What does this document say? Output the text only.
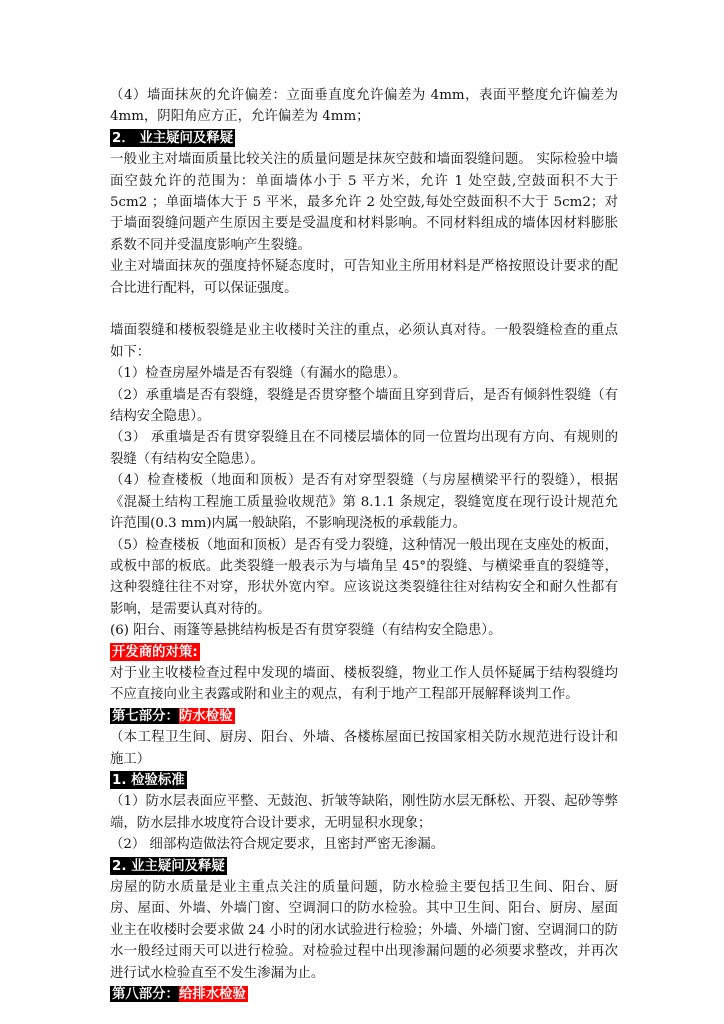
（4）墙面抹灰的允许偏差：立面垂直度允许偏差为 4mm，表面平整度允许偏差为 4mm，阴阳角应方正，允许偏差为 4mm；

2． 业主疑问及释疑

一般业主对墙面质量比较关注的质量问题是抹灰空鼓和墙面裂缝问题。 实际检验中墙面空鼓允许的范围为：单面墙体小于 5 平方米，允许 1 处空鼓,空鼓面积不大于 5cm2 ；单面墙体大于 5 平米，最多允许 2 处空鼓,每处空鼓面积不大于 5cm2；对于墙面裂缝问题产生原因主要是受温度和材料影响。不同材料组成的墙体因材料膨胀系数不同并受温度影响产生裂缝。

业主对墙面抹灰的强度持怀疑态度时，可告知业主所用材料是严格按照设计要求的配合比进行配料，可以保证强度。

墙面裂缝和楼板裂缝是业主收楼时关注的重点，必须认真对待。一般裂缝检查的重点如下：

（1）检查房屋外墙是否有裂缝（有漏水的隐患）。

（2）承重墙是否有裂缝，裂缝是否贯穿整个墙面且穿到背后，是否有倾斜性裂缝（有结构安全隐患）。

（3） 承重墙是否有贯穿裂缝且在不同楼层墙体的同一位置均出现有方向、有规则的裂缝（有结构安全隐患）。

（4）检查楼板（地面和顶板）是否有对穿型裂缝（与房屋横梁平行的裂缝），根据《混凝土结构工程施工质量验收规范》第 8.1.1 条规定，裂缝宽度在现行设计规范允许范围(0.3 mm)内属一般缺陷，不影响现浇板的承载能力。

（5）检查楼板（地面和顶板）是否有受力裂缝，这种情况一般出现在支座处的板面，或板中部的板底。此类裂缝一般表示为与墙角呈 45°的裂缝、与横梁垂直的裂缝等，这种裂缝往往不对穿，形状外宽内窄。应该说这类裂缝往往对结构安全和耐久性都有影响，是需要认真对待的。

(6) 阳台、雨篷等悬挑结构板是否有贯穿裂缝（有结构安全隐患）。

开发商的对策:

对于业主收楼检查过程中发现的墙面、楼板裂缝，物业工作人员怀疑属于结构裂缝均不应直接向业主表露或附和业主的观点，有利于地产工程部开展解释谈判工作。

第七部分：防水检验

（本工程卫生间、厨房、阳台、外墙、各楼栋屋面已按国家相关防水规范进行设计和施工）

1. 检验标准

（1）防水层表面应平整、无鼓泡、折皱等缺陷，刚性防水层无酥松、开裂、起砂等弊端，防水层排水坡度符合设计要求，无明显积水现象；

（2） 细部构造做法符合规定要求，且密封严密无渗漏。

2. 业主疑问及释疑

房屋的防水质量是业主重点关注的质量问题，防水检验主要包括卫生间、阳台、厨房、屋面、外墙、外墙门窗、空调洞口的防水检验。其中卫生间、阳台、厨房、屋面业主在收楼时会要求做 24 小时的闭水试验进行检验；外墙、外墙门窗、空调洞口的防水一般经过雨天可以进行检验。对检验过程中出现渗漏问题的必须要求整改，并再次进行试水检验直至不发生渗漏为止。

第八部分：给排水检验
